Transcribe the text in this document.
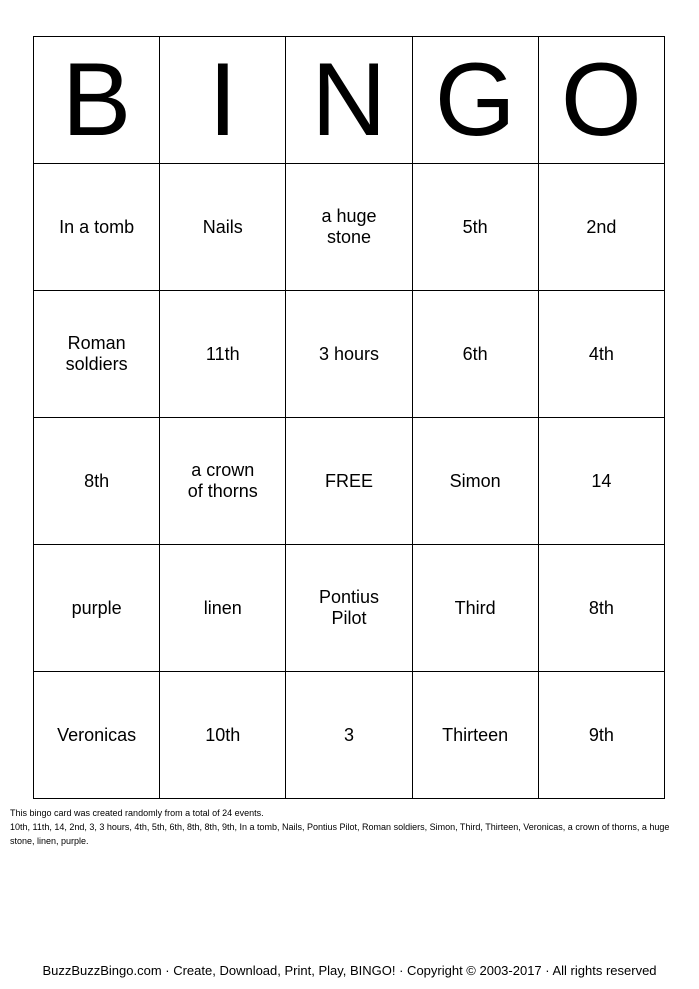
B	I	N	G	O

In a tomb	Nails	a huge stone	5th	2nd

Roman soldiers	11th	3 hours	6th	4th

8th	a crown of thorns	FREE	Simon	14

purple	linen	Pontius Pilot	Third	8th

Veronicas	10th	3	Thirteen	9th
This bingo card was created randomly from a total of 24 events.
10th, 11th, 14, 2nd, 3, 3 hours, 4th, 5th, 6th, 8th, 8th, 9th, In a tomb, Nails, Pontius Pilot, Roman soldiers, Simon, Third, Thirteen, Veronicas, a crown of thorns, a huge stone, linen, purple.
BuzzBuzzBingo.com · Create, Download, Print, Play, BINGO! · Copyright © 2003-2017 · All rights reserved
